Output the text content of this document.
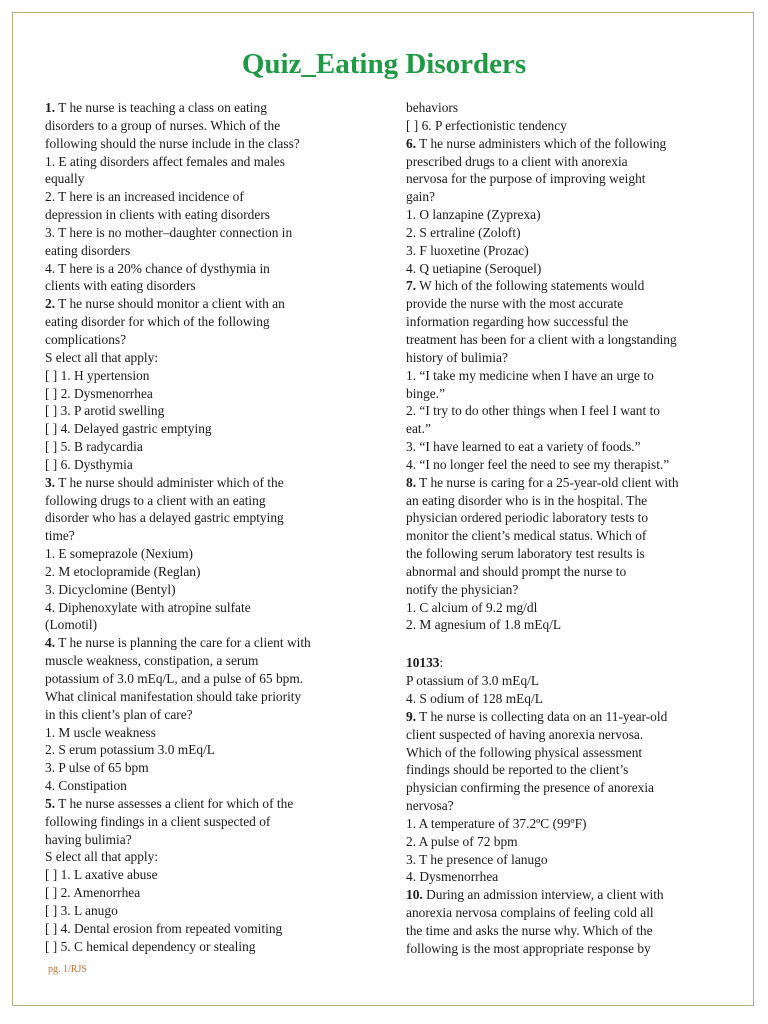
Quiz_Eating Disorders
1. T he nurse is teaching a class on eating
disorders to a group of nurses. Which of the
following should the nurse include in the class?
1. E ating disorders affect females and males
equally
2. T here is an increased incidence of
depression in clients with eating disorders
3. T here is no mother–daughter connection in
eating disorders
4. T here is a 20% chance of dysthymia in
clients with eating disorders
2. T he nurse should monitor a client with an
eating disorder for which of the following
complications?
S elect all that apply:
[ ] 1. H ypertension
[ ] 2. Dysmenorrhea
[ ] 3. P arotid swelling
[ ] 4. Delayed gastric emptying
[ ] 5. B radycardia
[ ] 6. Dysthymia
3. T he nurse should administer which of the
following drugs to a client with an eating
disorder who has a delayed gastric emptying
time?
1. E someprazole (Nexium)
2. M etoclopramide (Reglan)
3. Dicyclomine (Bentyl)
4. Diphenoxylate with atropine sulfate
(Lomotil)
4. T he nurse is planning the care for a client with
muscle weakness, constipation, a serum
potassium of 3.0 mEq/L, and a pulse of 65 bpm.
What clinical manifestation should take priority
in this client’s plan of care?
1. M uscle weakness
2. S erum potassium 3.0 mEq/L
3. P ulse of 65 bpm
4. Constipation
5. T he nurse assesses a client for which of the
following findings in a client suspected of
having bulimia?
S elect all that apply:
[ ] 1. L axative abuse
[ ] 2. Amenorrhea
[ ] 3. L anugo
[ ] 4. Dental erosion from repeated vomiting
[ ] 5. C hemical dependency or stealing
behaviors
[ ] 6. P erfectionistic tendency
6. T he nurse administers which of the following
prescribed drugs to a client with anorexia
nervosa for the purpose of improving weight
gain?
1. O lanzapine (Zyprexa)
2. S ertraline (Zoloft)
3. F luoxetine (Prozac)
4. Q uetiapine (Seroquel)
7. W hich of the following statements would
provide the nurse with the most accurate
information regarding how successful the
treatment has been for a client with a longstanding
history of bulimia?
1. “I take my medicine when I have an urge to
binge.”
2. “I try to do other things when I feel I want to
eat.”
3. “I have learned to eat a variety of foods.”
4. “I no longer feel the need to see my therapist.”
8. T he nurse is caring for a 25-year-old client with
an eating disorder who is in the hospital. The
physician ordered periodic laboratory tests to
monitor the client’s medical status. Which of
the following serum laboratory test results is
abnormal and should prompt the nurse to
notify the physician?
1. C alcium of 9.2 mg/dl
2. M agnesium of 1.8 mEq/L
10133:
P otassium of 3.0 mEq/L
4. S odium of 128 mEq/L
9. T he nurse is collecting data on an 11-year-old
client suspected of having anorexia nervosa.
Which of the following physical assessment
findings should be reported to the client’s
physician confirming the presence of anorexia
nervosa?
1. A temperature of 37.2ºC (99ºF)
2. A pulse of 72 bpm
3. T he presence of lanugo
4. Dysmenorrhea
10. During an admission interview, a client with
anorexia nervosa complains of feeling cold all
the time and asks the nurse why. Which of the
following is the most appropriate response by
pg. 1/RJS
